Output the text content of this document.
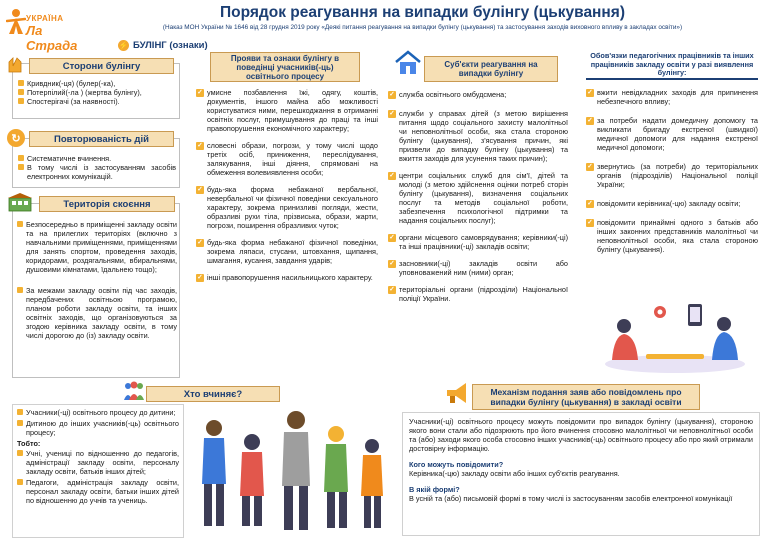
УКРАЇНА
Ла Страда
Порядок реагування на випадки булінгу (цькування)
(Наказ МОН України № 1646 від 28 грудня 2019 року «Деякі питання реагування на випадки булінгу (цькування) та застосування заходів виховного впливу в закладах освіти»)
⚡ БУЛІНГ (ознаки)
Сторони булінгу
Кривдник(-ця) (булер(-ка),
Потерпілий(-ла ) (жертва булінгу),
Спостерігачі (за наявності).
Повторюваність дій
↻
Систематичне вчинення.
В тому числі із застосуванням засобів електронних комунікацій.
Територія скоєння
Безпосередньо в приміщенні закладу освіти та на прилеглих територіях (включно з навчальними приміщеннями, приміщеннями для занять спортом, проведення заходів, коридорами, роздягальнями, вбиральнями, душовими кімнатами, їдальнею тощо);
За межами закладу освіти під час заходів, передбачених освітньою програмою, планом роботи закладу освіти, та інших освітніх заходів, що організовуються за згодою керівника закладу освіти, в тому числі дорогою до (із) закладу освіти.
Прояви та ознаки булінгу в поведінці учасників(-ць) освітнього процесу
✓ умисне позбавлення їжі, одягу, коштів, документів, іншого майна або можливості користуватися ними, перешкоджання в отриманні освітніх послуг, примушування до праці та інші правопорушення економічного характеру;
✓ словесні образи, погрози, у тому числі щодо третіх осіб, приниження, переслідування, залякування, інші діяння, спрямовані на обмеження волевиявлення особи;
✓ будь-яка форма небажаної вербальної, невербальної чи фізичної поведінки сексуального характеру, зокрема принизливі погляди, жести, образливі рухи тіла, прізвиська, образи, жарти, погрози, поширення образливих чуток;
✓ будь-яка форма небажаної фізичної поведінки, зокрема ляпаси, стусани, штовхання, щипання, шмагання, кусання, завдання ударів;
✓ інші правопорушення насильницького характеру.
Суб'єкти реагування на випадки булінгу
✓ служба освітнього омбудсмена;
✓ служби у справах дітей (з метою вирішення питання щодо соціального захисту малолітньої чи неповнолітньої особи, яка стала стороною булінгу (цькування), з'ясування причин, які призвели до випадку булінгу (цькування) та вжиття заходів для усунення таких причин);
✓ центри соціальних служб для сім'ї, дітей та молоді (з метою здійснення оцінки потреб сторін булінгу (цькування), визначення соціальних послуг та методів соціальної роботи, забезпечення психологічної підтримки та надання соціальних послуг);
✓ органи місцевого самоврядування; керівники(-ці) та інші працівники(-ці) закладів освіти;
✓ засновники(-ці) закладів освіти або уповноважений ним (ними) орган;
✓ територіальні органи (підрозділи) Національної поліції України.
Обов'язки педагогічних працівників та інших працівників закладу освіти у разі виявлення булінгу:
✓ вжити невідкладних заходів для припинення небезпечного впливу;
✓ за потреби надати домедичну допомогу та викликати бригаду екстреної (швидкої) медичної допомоги для надання екстреної медичної допомоги;
✓ звернутись (за потреби) до територіальних органів (підрозділів) Національної поліції України;
✓ повідомити керівника(-цю) закладу освіти;
✓ повідомити принаймні одного з батьків або інших законних представників малолітньої чи неповнолітньої особи, яка стала стороною булінгу (цькування).
Хто вчиняє?
Учасники(-ці) освітнього процесу до дитини;
Дитиною до інших учасників(-ць) освітнього процесу;
Тобто:
Учні, учениці по відношенню до педагогів, адміністрації закладу освіти, персоналу закладу освіти, батьків інших дітей;
Педагоги, адміністрація закладу освіти, персонал закладу освіти, батьки інших дітей по відношенню до учнів та учениць.
Механізм подання заяв або повідомлень про випадки булінгу (цькування) в закладі освіти
Учасники(-ці) освітнього процесу можуть повідомити про випадок булінгу (цькування), стороною якого вони стали або підозрюють про його вчинення стосовно малолітньої чи неповнолітньої особи та (або) заходи якого особа стосовно інших учасників(-ць) освітнього процесу або про який отримали достовірну інформацію.
Кого можуть повідомити?
Керівника(-цю) закладу освіти або інших суб'єктів реагування.
В якій формі?
В усній та (або) письмовій формі в тому числі із застосуванням засобів електронної комунікації
